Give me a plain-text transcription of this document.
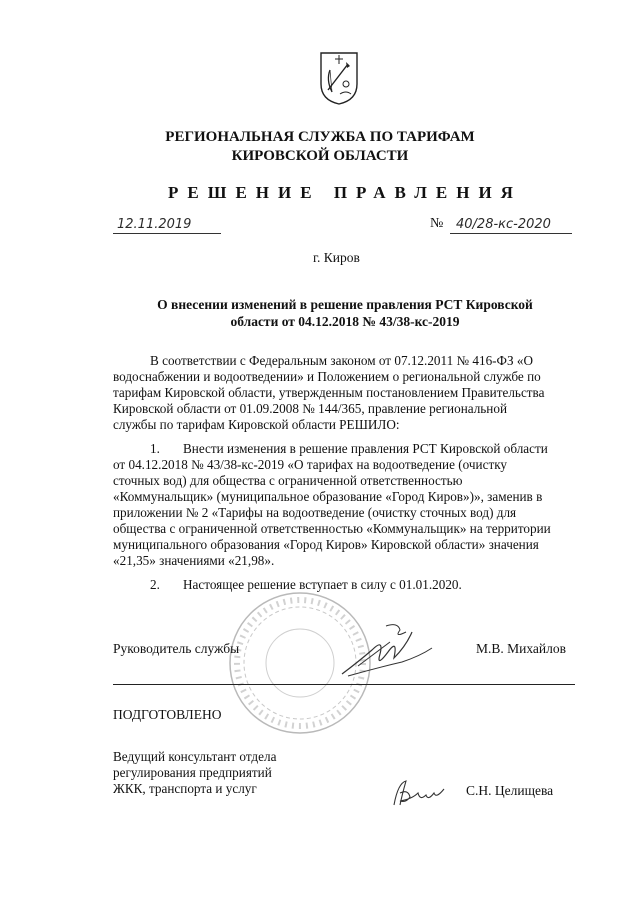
РЕГИОНАЛЬНАЯ СЛУЖБА ПО ТАРИФАМ
КИРОВСКОЙ ОБЛАСТИ
РЕШЕНИЕ ПРАВЛЕНИЯ
12.11.2019	№ 40/28-кс-2020
г. Киров
О внесении изменений в решение правления РСТ Кировской
области от 04.12.2018 № 43/38-кс-2019
В соответствии с Федеральным законом от 07.12.2011 № 416-ФЗ «О
водоснабжении и водоотведении» и Положением о региональной службе по
тарифам Кировской области, утвержденным постановлением Правительства
Кировской области от 01.09.2008 № 144/365, правление региональной
службы по тарифам Кировской области РЕШИЛО:
1.	Внести изменения в решение правления РСТ Кировской области
от 04.12.2018 № 43/38-кс-2019 «О тарифах на водоотведение (очистку
сточных вод) для общества с ограниченной ответственностью
«Коммунальщик» (муниципальное образование «Город Киров»)», заменив в
приложении № 2 «Тарифы на водоотведение (очистку сточных вод) для
общества с ограниченной ответственностью «Коммунальщик» на территории
муниципального образования «Город Киров» Кировской области» значения
«21,35» значениями «21,98».
2. Настоящее решение вступает в силу с 01.01.2020.
Руководитель службы	М.В. Михайлов
ПОДГОТОВЛЕНО
Ведущий консультант отдела
регулирования предприятий
ЖКК, транспорта и услуг	С.Н. Целищева
